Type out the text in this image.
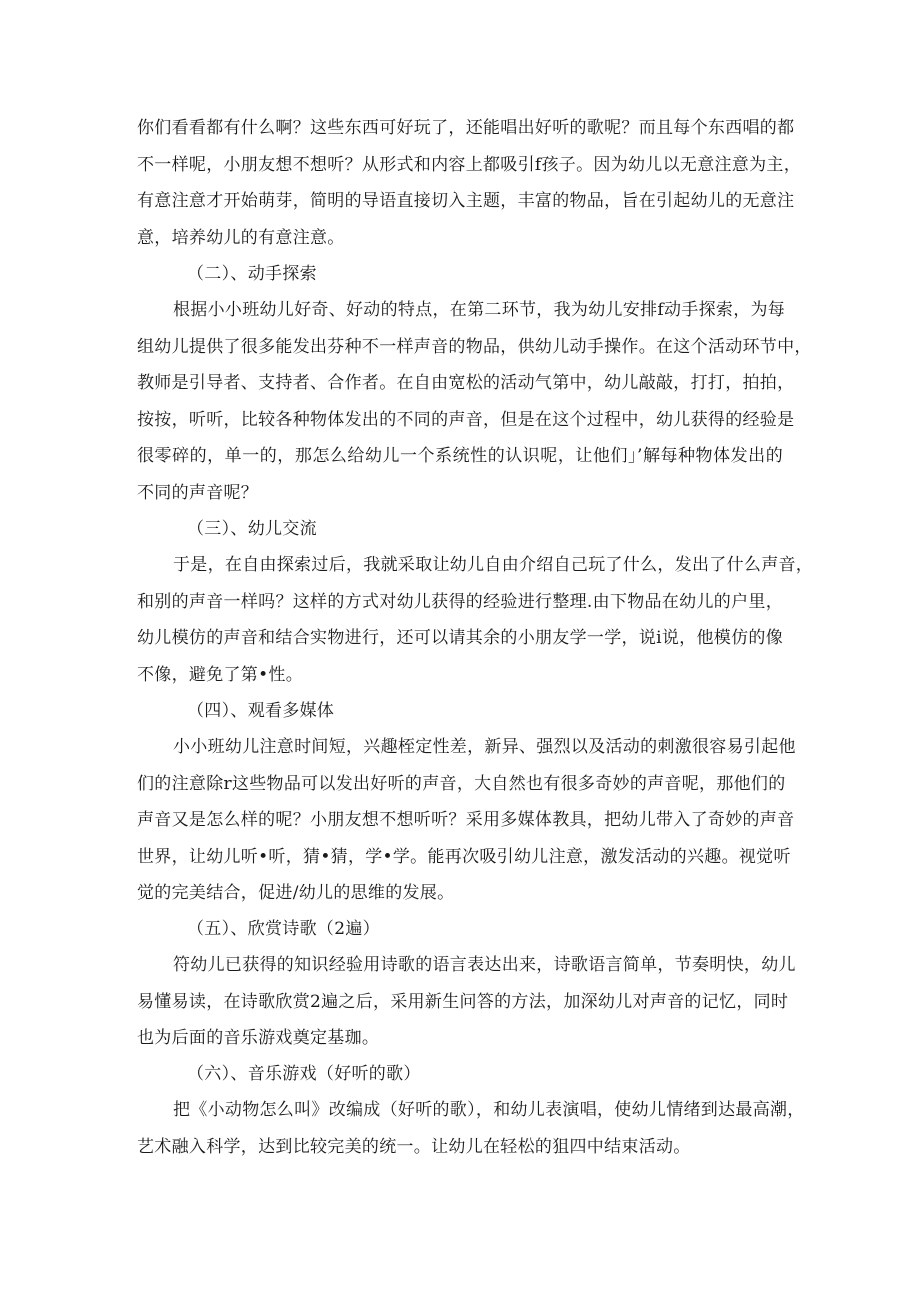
你们看看都有什么啊？这些东西可好玩了，还能唱出好听的歌呢？而且每个东西唱的都
不一样呢，小朋友想不想听？从形式和内容上都吸引f孩子。因为幼儿以无意注意为主，
有意注意才开始萌芽，简明的导语直接切入主题，丰富的物品，旨在引起幼儿的无意注
意，培养幼儿的有意注意。
（二）、动手探索
根据小小班幼儿好奇、好动的特点，在第二环节，我为幼儿安排f动手探索，为每
组幼儿提供了很多能发出芬种不一样声音的物品，供幼儿动手操作。在这个活动环节中，
教师是引导者、支持者、合作者。在自由宽松的活动气第中，幼儿敲敲，打打，拍拍，
按按，听听，比较各种物体发出的不同的声音，但是在这个过程中，幼儿获得的经验是
很零碎的，单一的，那怎么给幼儿一个系统性的认识呢，让他们」’解每种物体发出的
不同的声音呢？
（三）、幼儿交流
于是，在自由探索过后，我就采取让幼儿自由介绍自己玩了什么，发出了什么声音，
和别的声音一样吗？这样的方式对幼儿获得的经验进行整理.由下物品在幼儿的户里，
幼儿模仿的声音和结合实物进行，还可以请其余的小朋友学一学，说i说，他模仿的像
不像，避免了第•性。
（四）、观看多媒体
小小班幼儿注意时间短，兴趣桎定性差，新异、强烈以及活动的刺激很容易引起他
们的注意除r这些物品可以发出好听的声音，大自然也有很多奇妙的声音呢，那他们的
声音又是怎么样的呢？小朋友想不想听听？采用多媒体教具，把幼儿带入了奇妙的声音
世界，让幼儿听•听，猜•猜，学•学。能再次吸引幼儿注意，激发活动的兴趣。视觉听
觉的完美结合，促进/幼儿的思维的发展。
（五）、欣赏诗歌（2遍）
符幼儿已获得的知识经验用诗歌的语言表达出来，诗歌语言简单，节奏明快，幼儿
易懂易读，在诗歌欣赏2遍之后，采用新生问答的方法，加深幼儿对声音的记忆，同时
也为后面的音乐游戏奠定基珈。
（六）、音乐游戏（好听的歌）
把《小动物怎么叫》改编成（好听的歌），和幼儿表演唱，使幼儿情绪到达最高潮，
艺术融入科学，达到比较完美的统一。让幼儿在轻松的狙四中结束活动。
